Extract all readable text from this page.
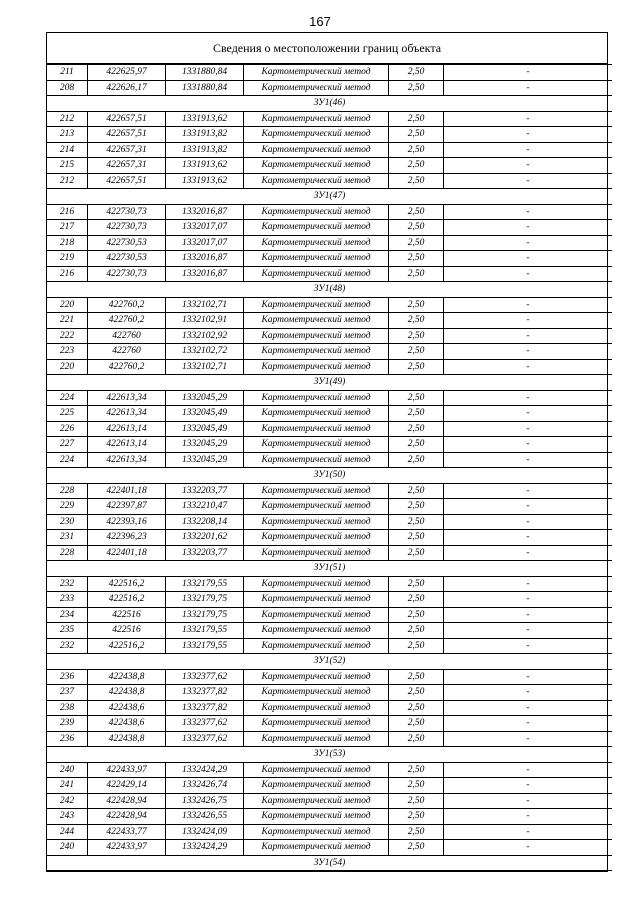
167
Сведения о местоположении границ объекта
211	422625,97	1331880,84	Картометрический метод	2,50	-
208	422626,17	1331880,84	Картометрический метод	2,50	-
ЗУ1(46)					
212	422657,51	1331913,62	Картометрический метод	2,50	-
213	422657,51	1331913,82	Картометрический метод	2,50	-
214	422657,31	1331913,82	Картометрический метод	2,50	-
215	422657,31	1331913,62	Картометрический метод	2,50	-
212	422657,51	1331913,62	Картометрический метод	2,50	-
ЗУ1(47)					
216	422730,73	1332016,87	Картометрический метод	2,50	-
217	422730,73	1332017,07	Картометрический метод	2,50	-
218	422730,53	1332017,07	Картометрический метод	2,50	-
219	422730,53	1332016,87	Картометрический метод	2,50	-
216	422730,73	1332016,87	Картометрический метод	2,50	-
ЗУ1(48)					
220	422760,2	1332102,71	Картометрический метод	2,50	-
221	422760,2	1332102,91	Картометрический метод	2,50	-
222	422760	1332102,92	Картометрический метод	2,50	-
223	422760	1332102,72	Картометрический метод	2,50	-
220	422760,2	1332102,71	Картометрический метод	2,50	-
ЗУ1(49)					
224	422613,34	1332045,29	Картометрический метод	2,50	-
225	422613,34	1332045,49	Картометрический метод	2,50	-
226	422613,14	1332045,49	Картометрический метод	2,50	-
227	422613,14	1332045,29	Картометрический метод	2,50	-
224	422613,34	1332045,29	Картометрический метод	2,50	-
ЗУ1(50)					
228	422401,18	1332203,77	Картометрический метод	2,50	-
229	422397,87	1332210,47	Картометрический метод	2,50	-
230	422393,16	1332208,14	Картометрический метод	2,50	-
231	422396,23	1332201,62	Картометрический метод	2,50	-
228	422401,18	1332203,77	Картометрический метод	2,50	-
ЗУ1(51)					
232	422516,2	1332179,55	Картометрический метод	2,50	-
233	422516,2	1332179,75	Картометрический метод	2,50	-
234	422516	1332179,75	Картометрический метод	2,50	-
235	422516	1332179,55	Картометрический метод	2,50	-
232	422516,2	1332179,55	Картометрический метод	2,50	-
ЗУ1(52)					
236	422438,8	1332377,62	Картометрический метод	2,50	-
237	422438,8	1332377,82	Картометрический метод	2,50	-
238	422438,6	1332377,82	Картометрический метод	2,50	-
239	422438,6	1332377,62	Картометрический метод	2,50	-
236	422438,8	1332377,62	Картометрический метод	2,50	-
ЗУ1(53)					
240	422433,97	1332424,29	Картометрический метод	2,50	-
241	422429,14	1332426,74	Картометрический метод	2,50	-
242	422428,94	1332426,75	Картометрический метод	2,50	-
243	422428,94	1332426,55	Картометрический метод	2,50	-
244	422433,77	1332424,09	Картометрический метод	2,50	-
240	422433,97	1332424,29	Картометрический метод	2,50	-
ЗУ1(54)					
